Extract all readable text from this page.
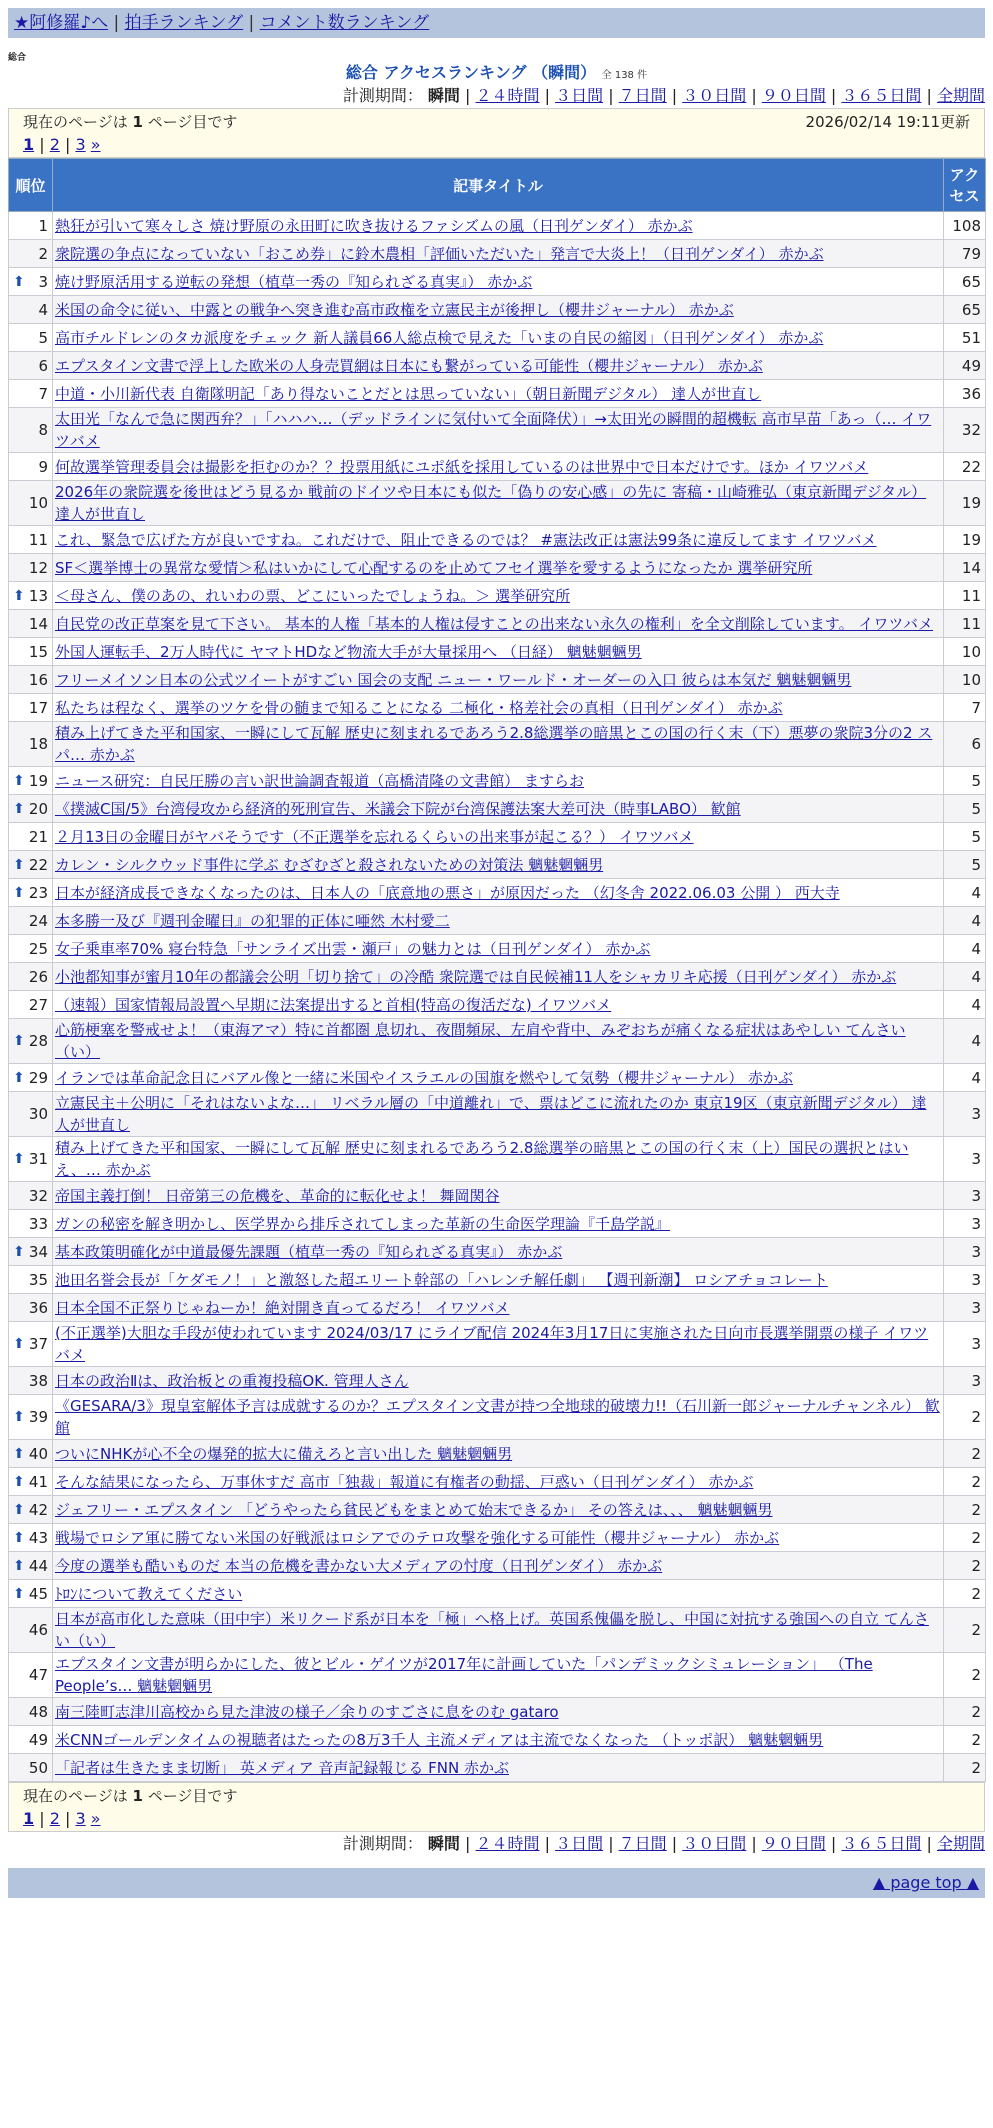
★阿修羅♪へ | 拍手ランキング | コメント数ランキング
総合
総合 アクセスランキング （瞬間） 全 138 件
計測期間： 瞬間 | ２４時間 | ３日間 | ７日間 | ３０日間 | ９０日間 | ３６５日間 | 全期間
現在のページは 1 ページ目です	2026/02/14 19:11更新
1 | 2 | 3 »
順位	記事タイトル	アクセス
1	熱狂が引いて寒々しさ 焼け野原の永田町に吹き抜けるファシズムの風（日刊ゲンダイ） 赤かぶ	108
2	衆院選の争点になっていない「おこめ券」に鈴木農相「評価いただいた」発言で大炎上！（日刊ゲンダイ） 赤かぶ	79

⬆ 3	焼け野原活用する逆転の発想（植草一秀の『知られざる真実』） 赤かぶ	65
4	米国の命令に従い、中露との戦争へ突き進む高市政権を立憲民主が後押し（櫻井ジャーナル） 赤かぶ	65
5	高市チルドレンのタカ派度をチェック 新人議員66人総点検で見えた「いまの自民の縮図」（日刊ゲンダイ） 赤かぶ	51
6	エプスタイン文書で浮上した欧米の人身売買網は日本にも繋がっている可能性（櫻井ジャーナル） 赤かぶ	49
7	中道・小川新代表 自衛隊明記「あり得ないことだとは思っていない」（朝日新聞デジタル） 達人が世直し	36
8	太田光「なんで急に関西弁？」「ハハハ…（デッドラインに気付いて全面降伏）」→太田光の瞬間的超機転 高市早苗「あっ（… イワツバメ	32
9	何故選挙管理委員会は撮影を拒むのか？？投票用紙にユポ紙を採用しているのは世界中で日本だけです。ほか イワツバメ	22
10	2026年の衆院選を後世はどう見るか 戦前のドイツや日本にも似た「偽りの安心感」の先に 寄稿・山崎雅弘（東京新聞デジタル） 達人が世直し	19
11	これ、緊急で広げた方が良いですね。これだけで、阻止できるのでは？ #憲法改正は憲法99条に違反してます イワツバメ	19
12	SF＜選挙博士の異常な愛情＞私はいかにして心配するのを止めてフセイ選挙を愛するようになったか 選挙研究所	14

⬆ 13	＜母さん、僕のあの、れいわの票、どこにいったでしょうね。＞ 選挙研究所	11
14	自民党の改正草案を見て下さい。 基本的人権「基本的人権は侵すことの出来ない永久の権利」を全文削除しています。 イワツバメ	11
15	外国人運転手、2万人時代に ヤマトHDなど物流大手が大量採用へ （日経） 魑魅魍魎男	10
16	フリーメイソン日本の公式ツイートがすごい 国会の支配 ニュー・ワールド・オーダーの入口 彼らは本気だ 魑魅魍魎男	10
17	私たちは程なく、選挙のツケを骨の髄まで知ることになる 二極化・格差社会の真相（日刊ゲンダイ） 赤かぶ	7
18	積み上げてきた平和国家、一瞬にして瓦解 歴史に刻まれるであろう2.8総選挙の暗黒とこの国の行く末（下）悪夢の衆院3分の2 スパ… 赤かぶ	6

⬆ 19	ニュース研究：自民圧勝の言い訳世論調査報道（高橋清隆の文書館） ますらお	5

⬆ 20	《撲滅C国/5》台湾侵攻から経済的死刑宣告、米議会下院が台湾保護法案大差可決（時事LABO） 歓館	5
21	２月13日の金曜日がヤバそうです（不正選挙を忘れるくらいの出来事が起こる？） イワツバメ	5

⬆ 22	カレン・シルクウッド事件に学ぶ むざむざと殺されないための対策法 魑魅魍魎男	5

⬆ 23	日本が経済成長できなくなったのは、日本人の「底意地の悪さ」が原因だった （幻冬舎 2022.06.03 公開 ） 西大寺	4
24	本多勝一及び『週刊金曜日』の犯罪的正体に唖然 木村愛二	4
25	女子乗車率70% 寝台特急「サンライズ出雲・瀬戸」の魅力とは（日刊ゲンダイ） 赤かぶ	4
26	小池都知事が蜜月10年の都議会公明「切り捨て」の冷酷 衆院選では自民候補11人をシャカリキ応援（日刊ゲンダイ） 赤かぶ	4
27	（速報）国家情報局設置へ早期に法案提出すると首相(特高の復活だな) イワツバメ	4

⬆ 28	心筋梗塞を警戒せよ！（東海アマ）特に首都圏 息切れ、夜間頻尿、左肩や背中、みぞおちが痛くなる症状はあやしい てんさい（い）	4

⬆ 29	イランでは革命記念日にバアル像と一緒に米国やイスラエルの国旗を燃やして気勢（櫻井ジャーナル） 赤かぶ	4
30	立憲民主＋公明に「それはないよな…」 リベラル層の「中道離れ」で、票はどこに流れたのか 東京19区（東京新聞デジタル） 達人が世直し	3

⬆ 31	積み上げてきた平和国家、一瞬にして瓦解 歴史に刻まれるであろう2.8総選挙の暗黒とこの国の行く末（上）国民の選択とはいえ、… 赤かぶ	3
32	帝国主義打倒！ 日帝第三の危機を、革命的に転化せよ！ 舞岡関谷	3
33	ガンの秘密を解き明かし、医学界から排斥されてしまった革新の生命医学理論『千島学説』	3

⬆ 34	基本政策明確化が中道最優先課題（植草一秀の『知られざる真実』） 赤かぶ	3
35	池田名誉会長が「ケダモノ！」と激怒した超エリート幹部の「ハレンチ解任劇」 【週刊新潮】 ロシアチョコレート	3
36	日本全国不正祭りじゃねーか！絶対開き直ってるだろ！ イワツバメ	3

⬆ 37	(不正選挙)大胆な手段が使われています 2024/03/17 にライブ配信 2024年3月17日に実施された日向市長選挙開票の様子 イワツバメ	3
38	日本の政治Ⅱは、政治板との重複投稿OK. 管理人さん	3

⬆ 39	《GESARA/3》現皇室解体予言は成就するのか？エプスタイン文書が持つ全地球的破壊力!!（石川新一郎ジャーナルチャンネル） 歓館	2

⬆ 40	ついにNHKが心不全の爆発的拡大に備えろと言い出した 魑魅魍魎男	2

⬆ 41	そんな結果になったら、万事休すだ 高市「独裁」報道に有権者の動揺、戸惑い（日刊ゲンダイ） 赤かぶ	2

⬆ 42	ジェフリー・エプスタイン 「どうやったら貧民どもをまとめて始末できるか」 その答えは、、、 魑魅魍魎男	2

⬆ 43	戦場でロシア軍に勝てない米国の好戦派はロシアでのテロ攻撃を強化する可能性（櫻井ジャーナル） 赤かぶ	2

⬆ 44	今度の選挙も酷いものだ 本当の危機を書かない大メディアの忖度（日刊ゲンダイ） 赤かぶ	2

⬆ 45	ﾄﾛﾝについて教えてください	2
46	日本が高市化した意味（田中宇）米リクード系が日本を「極」へ格上げ。英国系傀儡を脱し、中国に対抗する強国への自立 てんさい（い）	2
47	エプスタイン文書が明らかにした、彼とビル・ゲイツが2017年に計画していた「パンデミックシミュレーション」 （The People’s… 魑魅魍魎男	2
48	南三陸町志津川高校から見た津波の様子／余りのすごさに息をのむ gataro	2
49	米CNNゴールデンタイムの視聴者はたったの8万3千人 主流メディアは主流でなくなった （トッポ訳） 魑魅魍魎男	2
50	「記者は生きたまま切断」 英メディア 音声記録報じる FNN 赤かぶ	2
現在のページは 1 ページ目です
1 | 2 | 3 »
計測期間： 瞬間 | ２４時間 | ３日間 | ７日間 | ３０日間 | ９０日間 | ３６５日間 | 全期間
▲ page top ▲
